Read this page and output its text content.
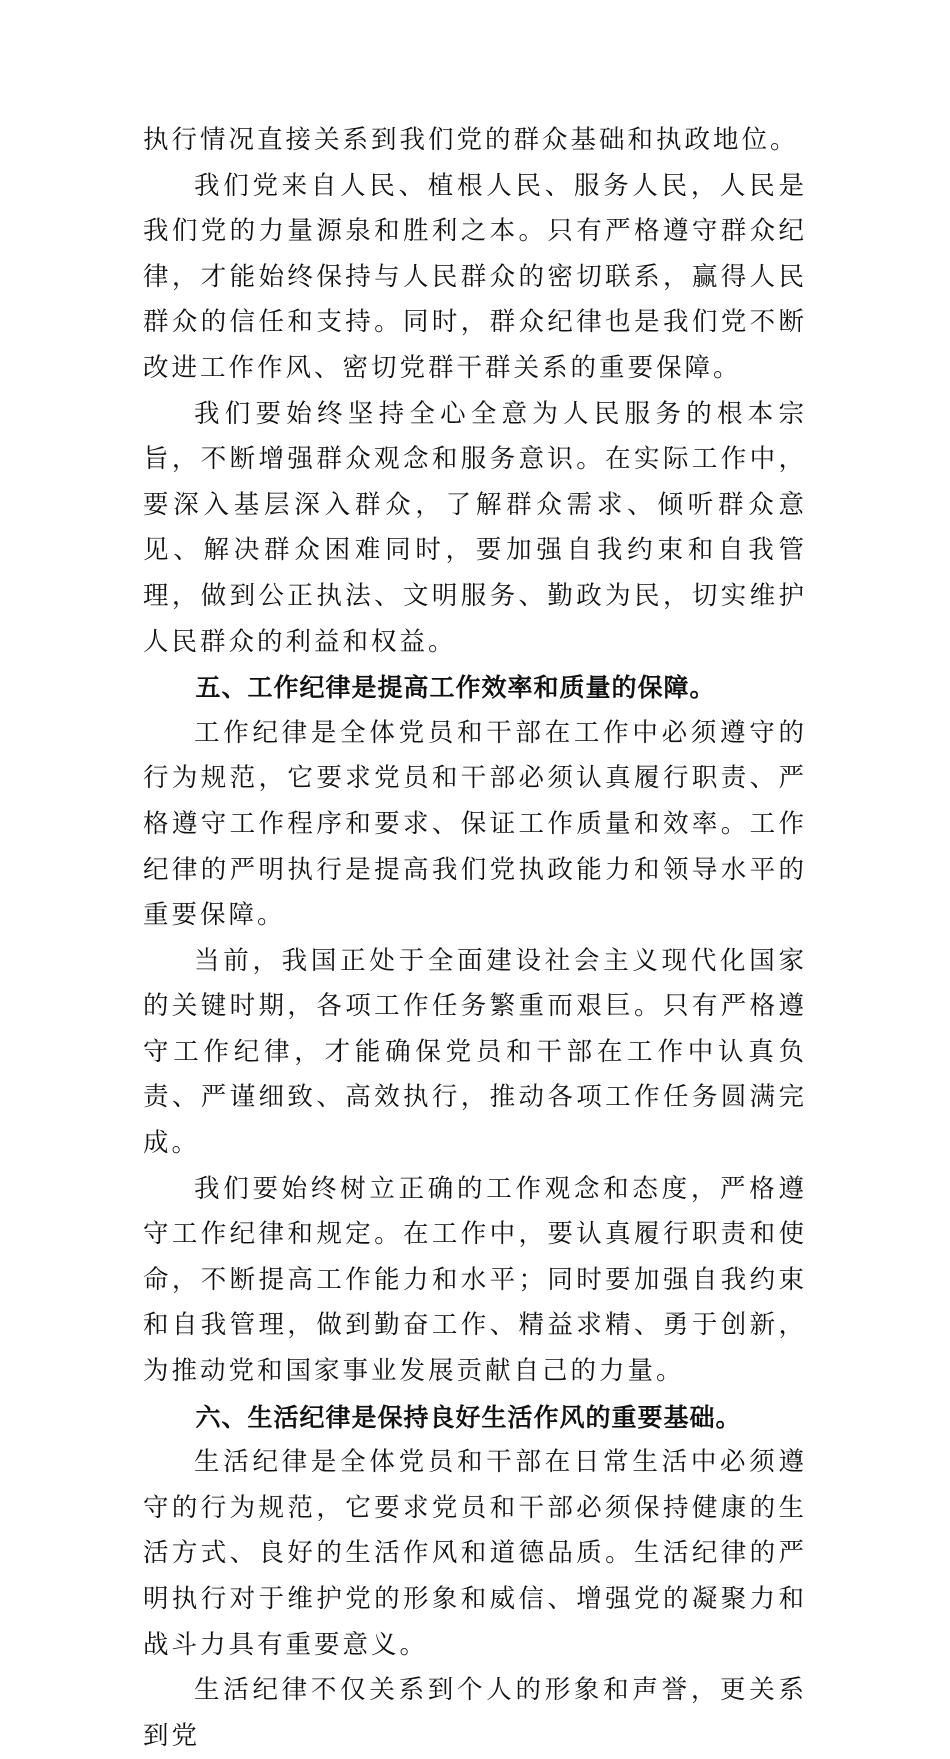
执行情况直接关系到我们党的群众基础和执政地位。

我们党来自人民、植根人民、服务人民，人民是我们党的力量源泉和胜利之本。只有严格遵守群众纪律，才能始终保持与人民群众的密切联系，赢得人民群众的信任和支持。同时，群众纪律也是我们党不断改进工作作风、密切党群干群关系的重要保障。

我们要始终坚持全心全意为人民服务的根本宗旨，不断增强群众观念和服务意识。在实际工作中，要深入基层深入群众，了解群众需求、倾听群众意见、解决群众困难同时，要加强自我约束和自我管理，做到公正执法、文明服务、勤政为民，切实维护人民群众的利益和权益。

五、工作纪律是提高工作效率和质量的保障。

工作纪律是全体党员和干部在工作中必须遵守的行为规范，它要求党员和干部必须认真履行职责、严格遵守工作程序和要求、保证工作质量和效率。工作纪律的严明执行是提高我们党执政能力和领导水平的重要保障。

当前，我国正处于全面建设社会主义现代化国家的关键时期，各项工作任务繁重而艰巨。只有严格遵守工作纪律，才能确保党员和干部在工作中认真负责、严谨细致、高效执行，推动各项工作任务圆满完成。

我们要始终树立正确的工作观念和态度，严格遵守工作纪律和规定。在工作中，要认真履行职责和使命，不断提高工作能力和水平；同时要加强自我约束和自我管理，做到勤奋工作、精益求精、勇于创新，为推动党和国家事业发展贡献自己的力量。

六、生活纪律是保持良好生活作风的重要基础。

生活纪律是全体党员和干部在日常生活中必须遵守的行为规范，它要求党员和干部必须保持健康的生活方式、良好的生活作风和道德品质。生活纪律的严明执行对于维护党的形象和威信、增强党的凝聚力和战斗力具有重要意义。

生活纪律不仅关系到个人的形象和声誉，更关系到党
